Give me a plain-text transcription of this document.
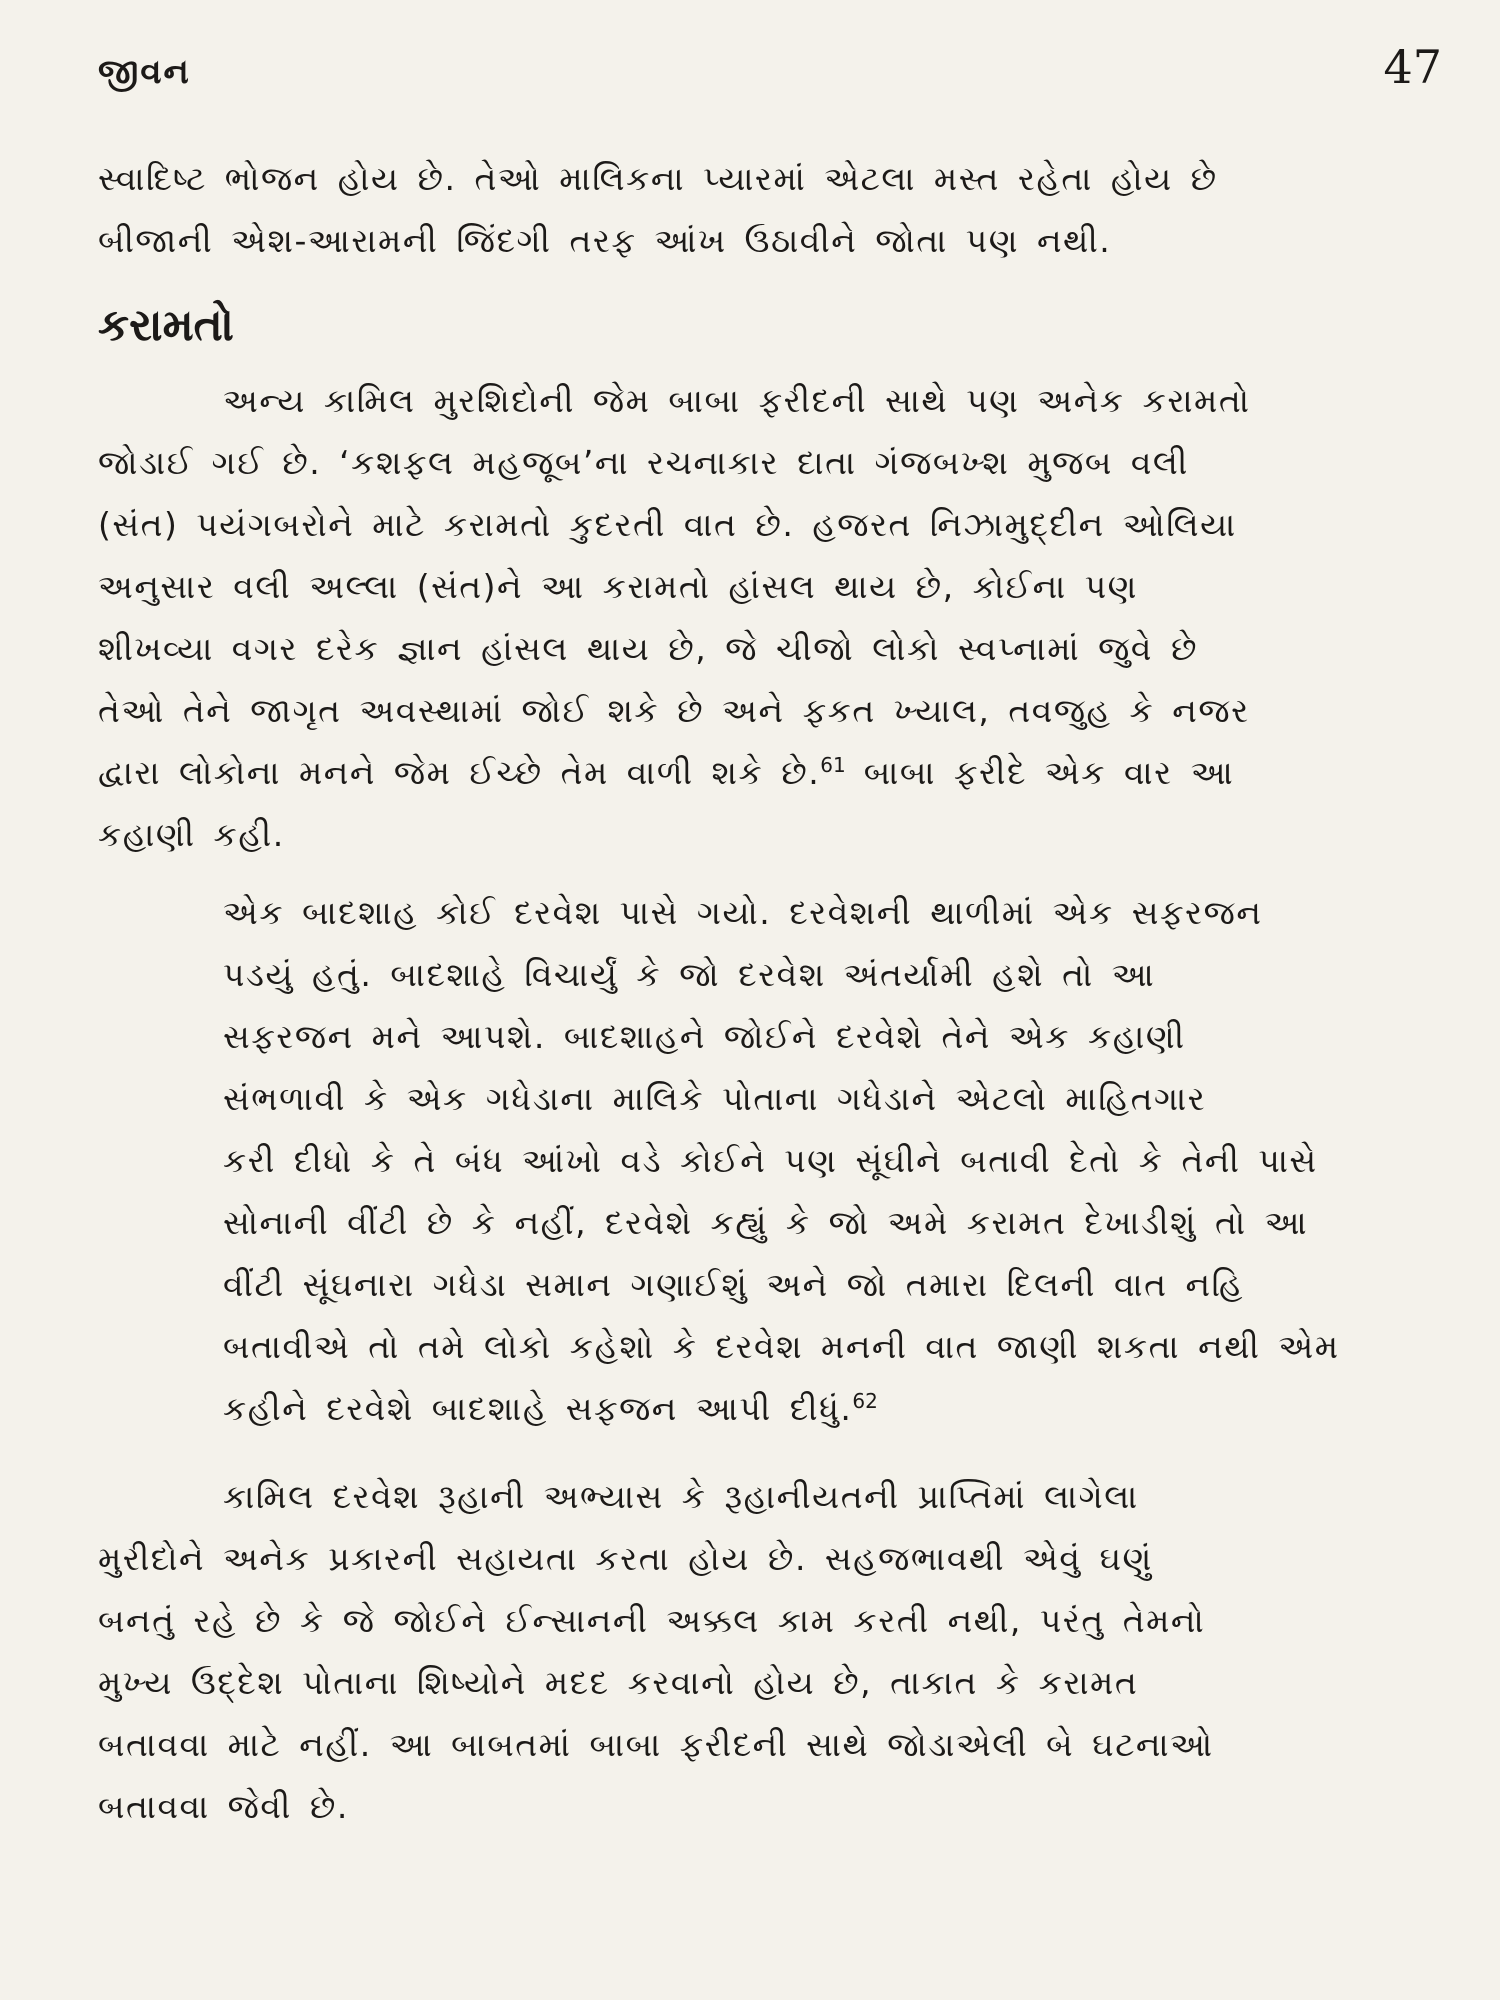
જીવન	47
સ્વાદિષ્ટ ભોજન હોય છે. તેઓ માલિકના પ્યારમાં એટલા મસ્ત રહેતા હોય છે
બીજાની એશ-આરામની જિંદગી તરફ આંખ ઉઠાવીને જોતા પણ નથી.
કરામતો
અન્ય કામિલ મુરશિદોની જેમ બાબા ફરીદની સાથે પણ અનેક કરામતો
જોડાઈ ગઈ છે. ‘કશફલ મહજૂબ’ના રચનાકાર દાતા ગંજબખ્શ મુજબ વલી
(સંત) પયંગબરોને માટે કરામતો કુદરતી વાત છે. હજરત નિઝામુદ્દીન ઓલિયા
અનુસાર વલી અલ્લા (સંત)ને આ કરામતો હાંસલ થાય છે, કોઈના પણ
શીખવ્યા વગર દરેક જ્ઞાન હાંસલ થાય છે, જે ચીજો લોકો સ્વપ્નામાં જુવે છે
તેઓ તેને જાગૃત અવસ્થામાં જોઈ શકે છે અને ફકત ખ્યાલ, તવજુહ કે નજર
દ્વારા લોકોના મનને જેમ ઈચ્છે તેમ વાળી શકે છે.$^{61}$ બાબા ફરીદે એક વાર આ
કહાણી કહી.
એક બાદશાહ કોઈ દરવેશ પાસે ગયો. દરવેશની થાળીમાં એક સફરજન
પડયું હતું. બાદશાહે વિચાર્યું કે જો દરવેશ અંતર્યામી હશે તો આ
સફરજન મને આપશે. બાદશાહને જોઈને દરવેશે તેને એક કહાણી
સંભળાવી કે એક ગધેડાના માલિકે પોતાના ગધેડાને એટલો માહિતગાર
કરી દીધો કે તે બંધ આંખો વડે કોઈને પણ સૂંઘીને બતાવી દેતો કે તેની પાસે
સોનાની વીંટી છે કે નહીં, દરવેશે કહ્યું કે જો અમે કરામત દેખાડીશું તો આ
વીંટી સૂંઘનારા ગધેડા સમાન ગણાઈશું અને જો તમારા દિલની વાત નહિ
બતાવીએ તો તમે લોકો કહેશો કે દરવેશ મનની વાત જાણી શકતા નથી એમ
કહીને દરવેશે બાદશાહે સફજન આપી દીધું.$^{62}$
કામિલ દરવેશ રૂહાની અભ્યાસ કે રૂહાનીયતની પ્રાપ્તિમાં લાગેલા
મુરીદોને અનેક પ્રકારની સહાયતા કરતા હોય છે. સહજભાવથી એવું ઘણું
બનતું રહે છે કે જે જોઈને ઈન્સાનની અક્કલ કામ કરતી નથી, પરંતુ તેમનો
મુખ્ય ઉદ્દેશ પોતાના શિષ્યોને મદદ કરવાનો હોય છે, તાકાત કે કરામત
બતાવવા માટે નહીં. આ બાબતમાં બાબા ફરીદની સાથે જોડાએલી બે ઘટનાઓ
બતાવવા જેવી છે.
